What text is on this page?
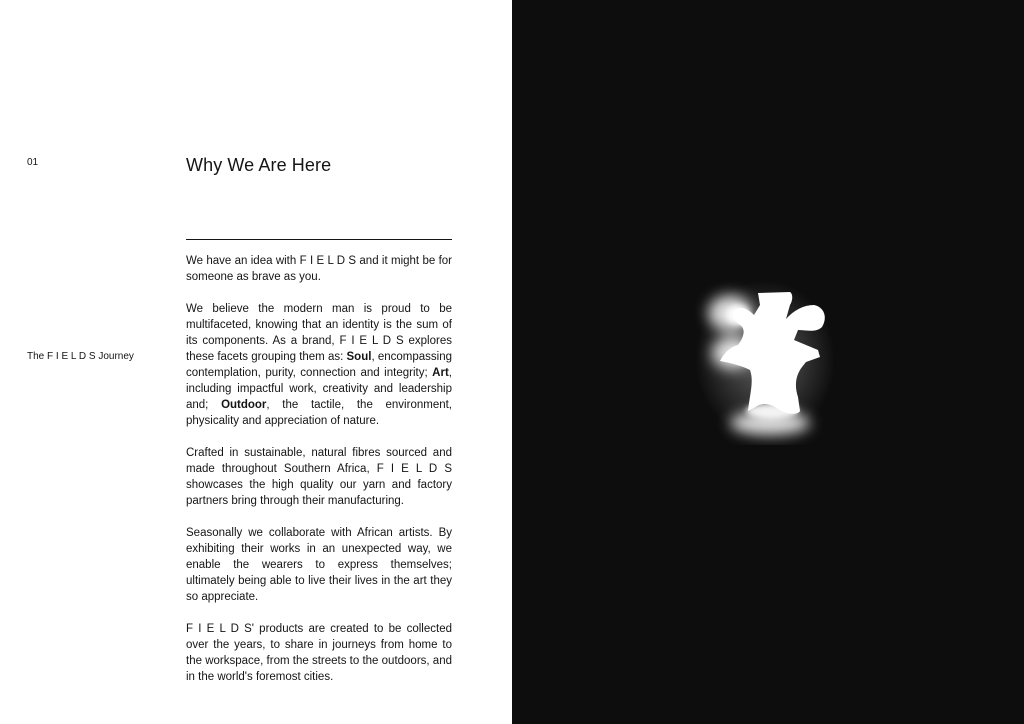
01
The F I E L D S Journey
Why We Are Here

We have an idea with F I E L D S and it might be for someone as brave as you.

We believe the modern man is proud to be multifaceted, knowing that an identity is the sum of its components. As a brand, F I E L D S explores these facets grouping them as: Soul, encompassing contemplation, purity, connection and integrity; Art, including impactful work, creativity and leadership and; Outdoor, the tactile, the environment, physicality and appreciation of nature.

Crafted in sustainable, natural fibres sourced and made throughout Southern Africa, F I E L D S showcases the high quality our yarn and factory partners bring through their manufacturing.

Seasonally we collaborate with African artists. By exhibiting their works in an unexpected way, we enable the wearers to express themselves; ultimately being able to live their lives in the art they so appreciate.

F I E L D S' products are created to be collected over the years, to share in journeys from home to the workspace, from the streets to the outdoors, and in the world's foremost cities.
